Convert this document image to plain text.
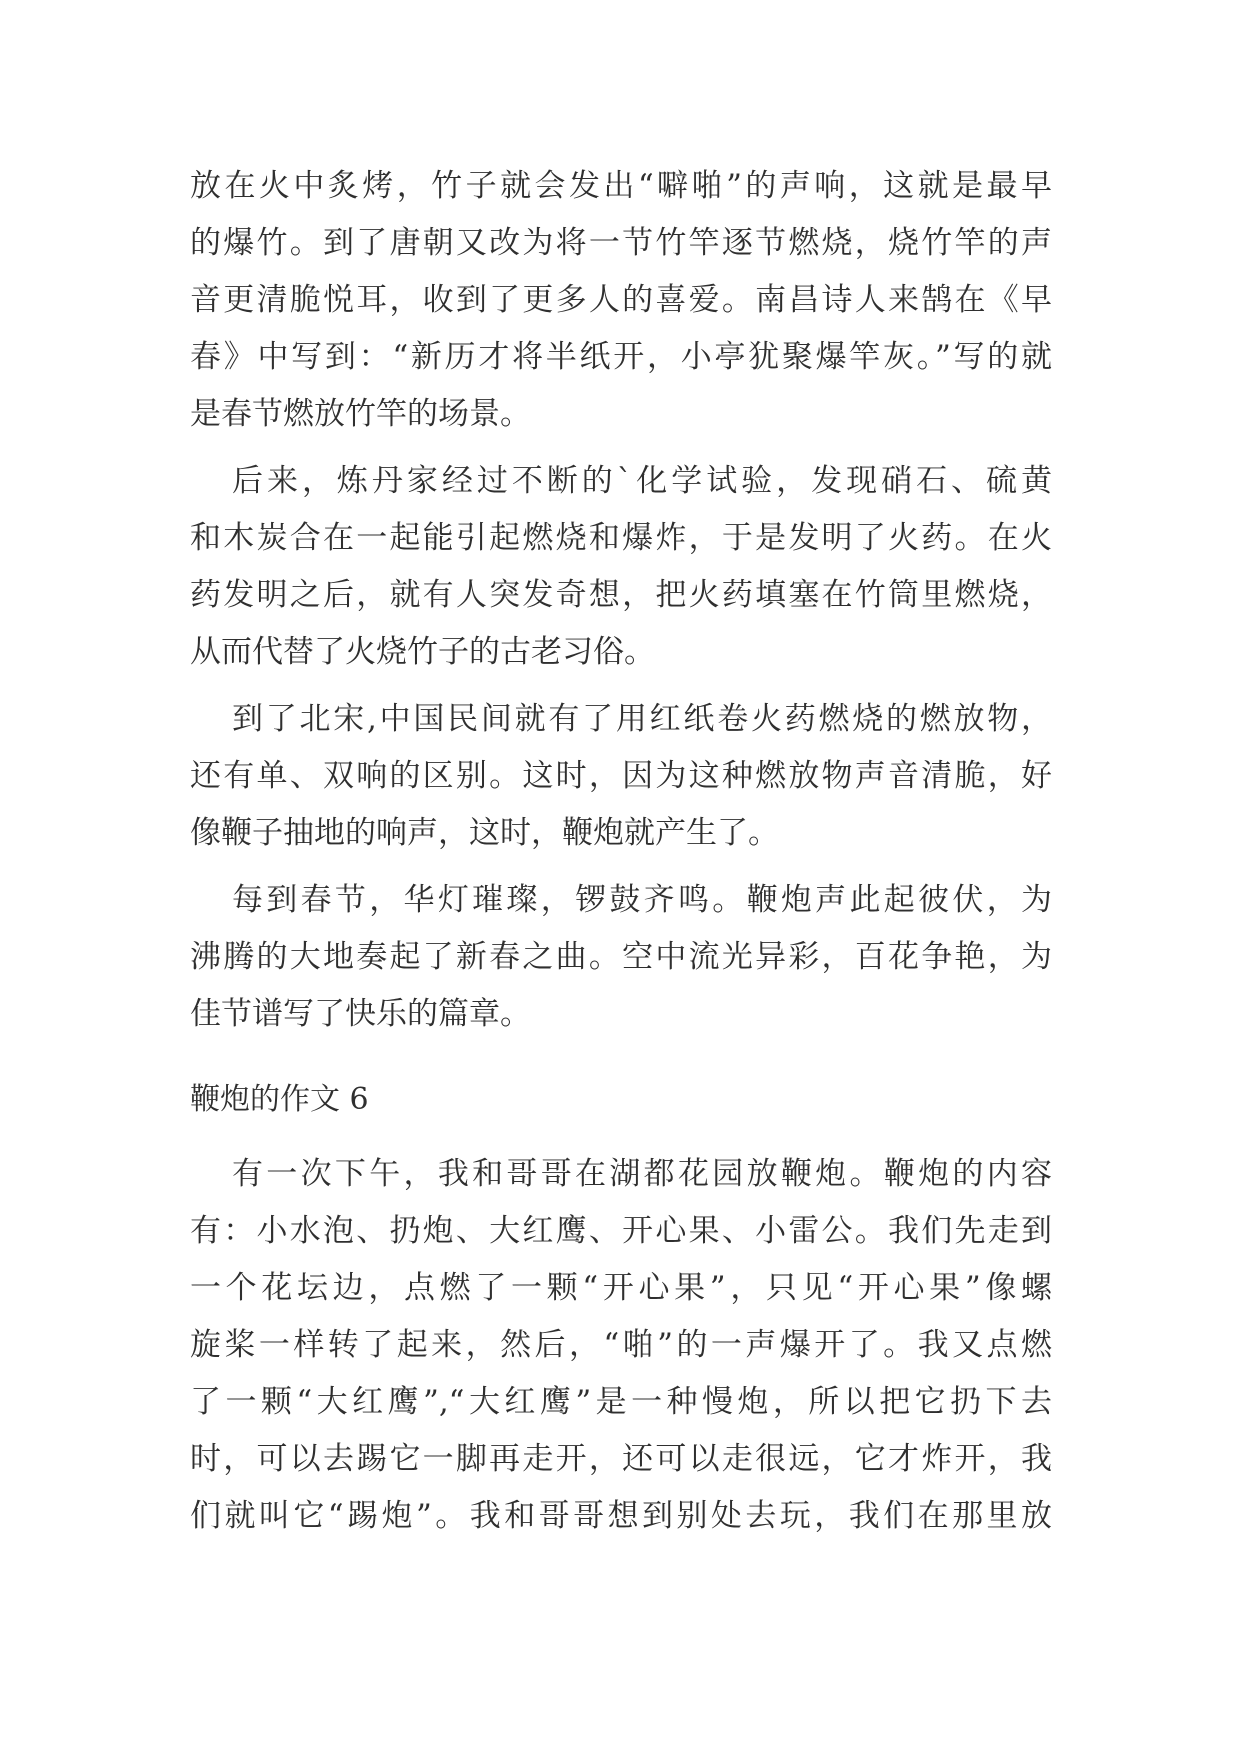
放在火中炙烤，竹子就会发出“噼啪”的声响，这就是最早
的爆竹。到了唐朝又改为将一节竹竿逐节燃烧，烧竹竿的声
音更清脆悦耳，收到了更多人的喜爱。南昌诗人来鹄在《早
春》中写到：“新历才将半纸开，小亭犹聚爆竿灰。”写的就
是春节燃放竹竿的场景。
后来，炼丹家经过不断的`化学试验，发现硝石、硫黄
和木炭合在一起能引起燃烧和爆炸，于是发明了火药。在火
药发明之后，就有人突发奇想，把火药填塞在竹筒里燃烧，
从而代替了火烧竹子的古老习俗。
到了北宋,中国民间就有了用红纸卷火药燃烧的燃放物，
还有单、双响的区别。这时，因为这种燃放物声音清脆，好
像鞭子抽地的响声，这时，鞭炮就产生了。
每到春节，华灯璀璨，锣鼓齐鸣。鞭炮声此起彼伏，为
沸腾的大地奏起了新春之曲。空中流光异彩，百花争艳，为
佳节谱写了快乐的篇章。
鞭炮的作文 6
有一次下午，我和哥哥在湖都花园放鞭炮。鞭炮的内容
有：小水泡、扔炮、大红鹰、开心果、小雷公。我们先走到
一个花坛边，点燃了一颗“开心果”，只见“开心果”像螺
旋桨一样转了起来，然后，“啪”的一声爆开了。我又点燃
了一颗“大红鹰”,“大红鹰”是一种慢炮，所以把它扔下去
时，可以去踢它一脚再走开，还可以走很远，它才炸开，我
们就叫它“踢炮”。我和哥哥想到别处去玩，我们在那里放
